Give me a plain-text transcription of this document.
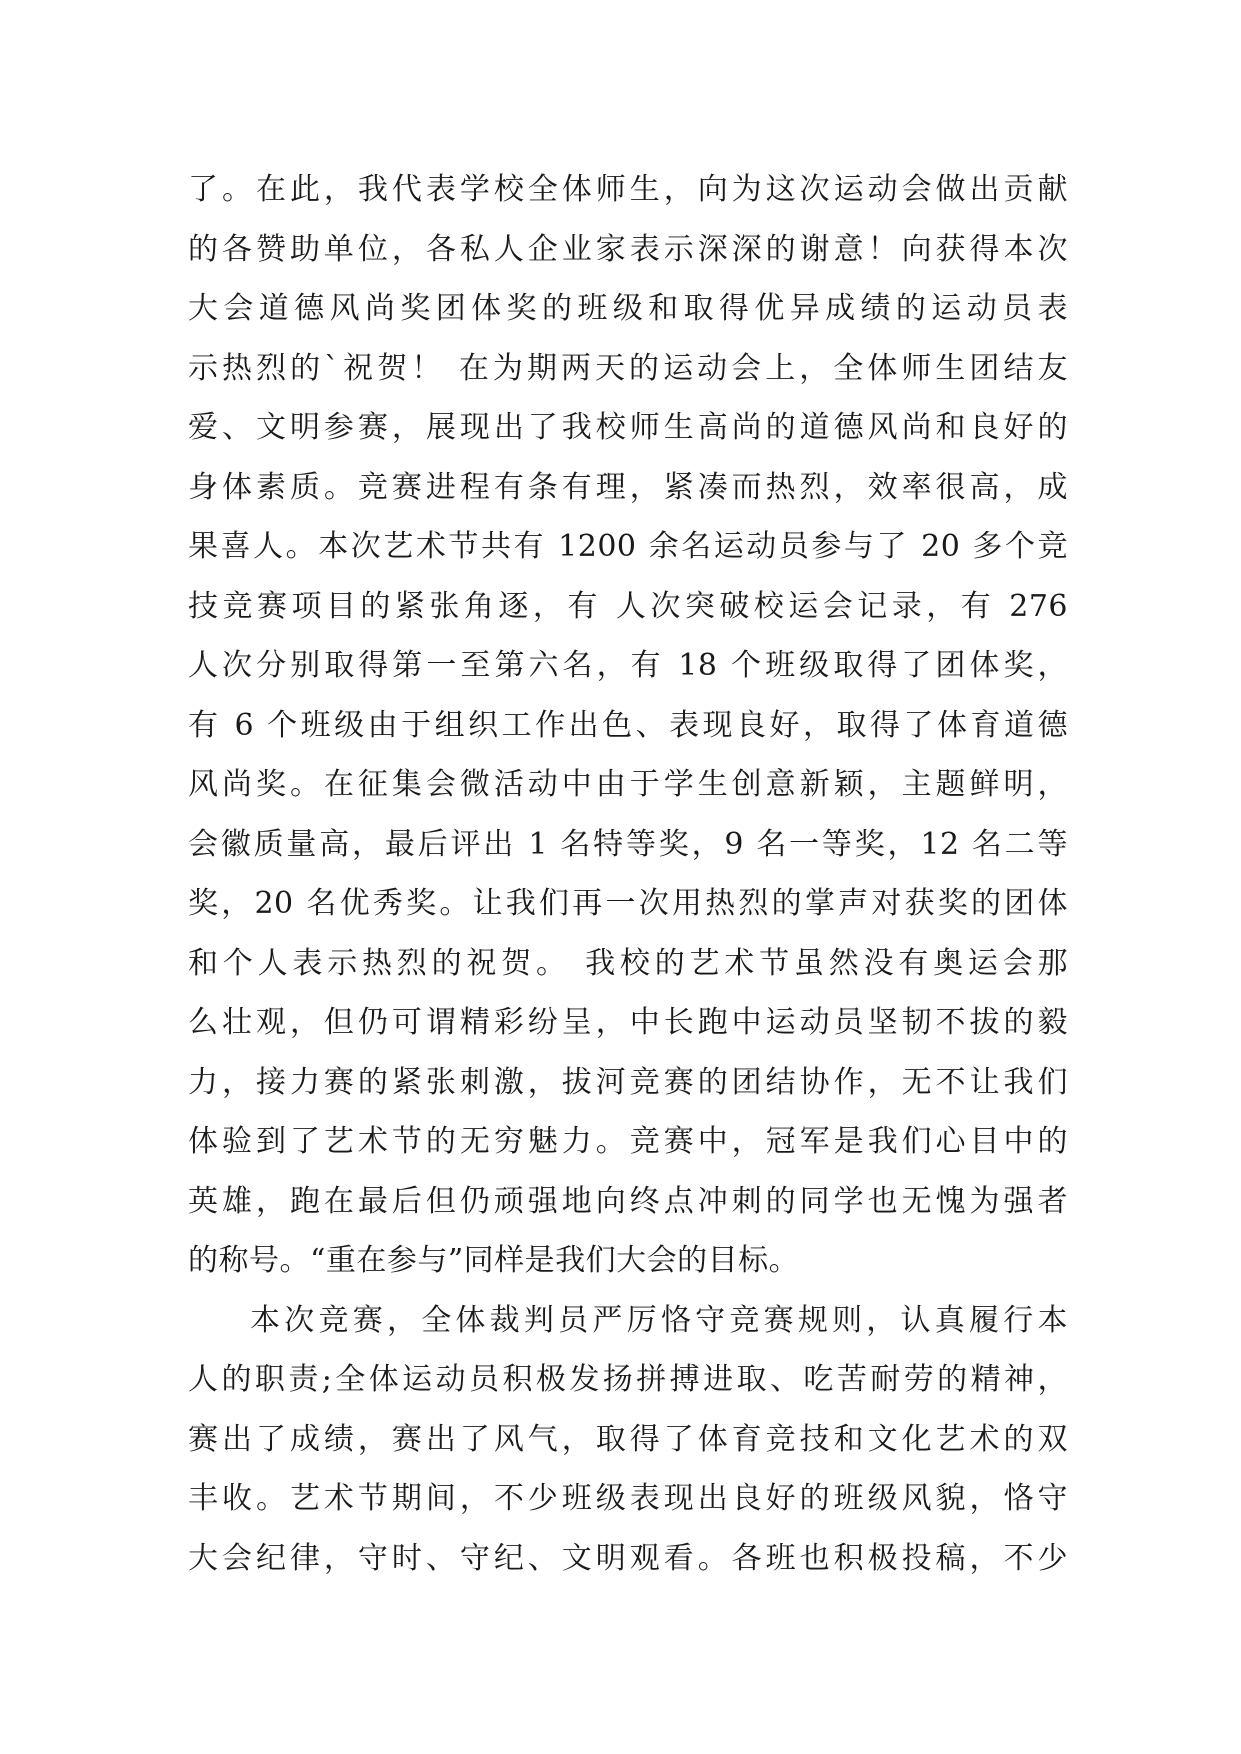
了。在此，我代表学校全体师生，向为这次运动会做出贡献
的各赞助单位，各私人企业家表示深深的谢意！向获得本次
大会道德风尚奖团体奖的班级和取得优异成绩的运动员表
示热烈的`祝贺！ 在为期两天的运动会上，全体师生团结友
爱、文明参赛，展现出了我校师生高尚的道德风尚和良好的
身体素质。竞赛进程有条有理，紧凑而热烈，效率很高，成
果喜人。本次艺术节共有 1200 余名运动员参与了 20 多个竞
技竞赛项目的紧张角逐，有 人次突破校运会记录，有 276
人次分别取得第一至第六名，有 18 个班级取得了团体奖，
有 6 个班级由于组织工作出色、表现良好，取得了体育道德
风尚奖。在征集会微活动中由于学生创意新颖，主题鲜明，
会徽质量高，最后评出 1 名特等奖，9 名一等奖，12 名二等
奖，20 名优秀奖。让我们再一次用热烈的掌声对获奖的团体
和个人表示热烈的祝贺。 我校的艺术节虽然没有奥运会那
么壮观，但仍可谓精彩纷呈，中长跑中运动员坚韧不拔的毅
力，接力赛的紧张刺激，拔河竞赛的团结协作，无不让我们
体验到了艺术节的无穷魅力。竞赛中，冠军是我们心目中的
英雄，跑在最后但仍顽强地向终点冲刺的同学也无愧为强者
的称号。“重在参与”同样是我们大会的目标。
本次竞赛，全体裁判员严厉恪守竞赛规则，认真履行本
人的职责;全体运动员积极发扬拼搏进取、吃苦耐劳的精神，
赛出了成绩，赛出了风气，取得了体育竞技和文化艺术的双
丰收。艺术节期间，不少班级表现出良好的班级风貌，恪守
大会纪律，守时、守纪、文明观看。各班也积极投稿，不少
